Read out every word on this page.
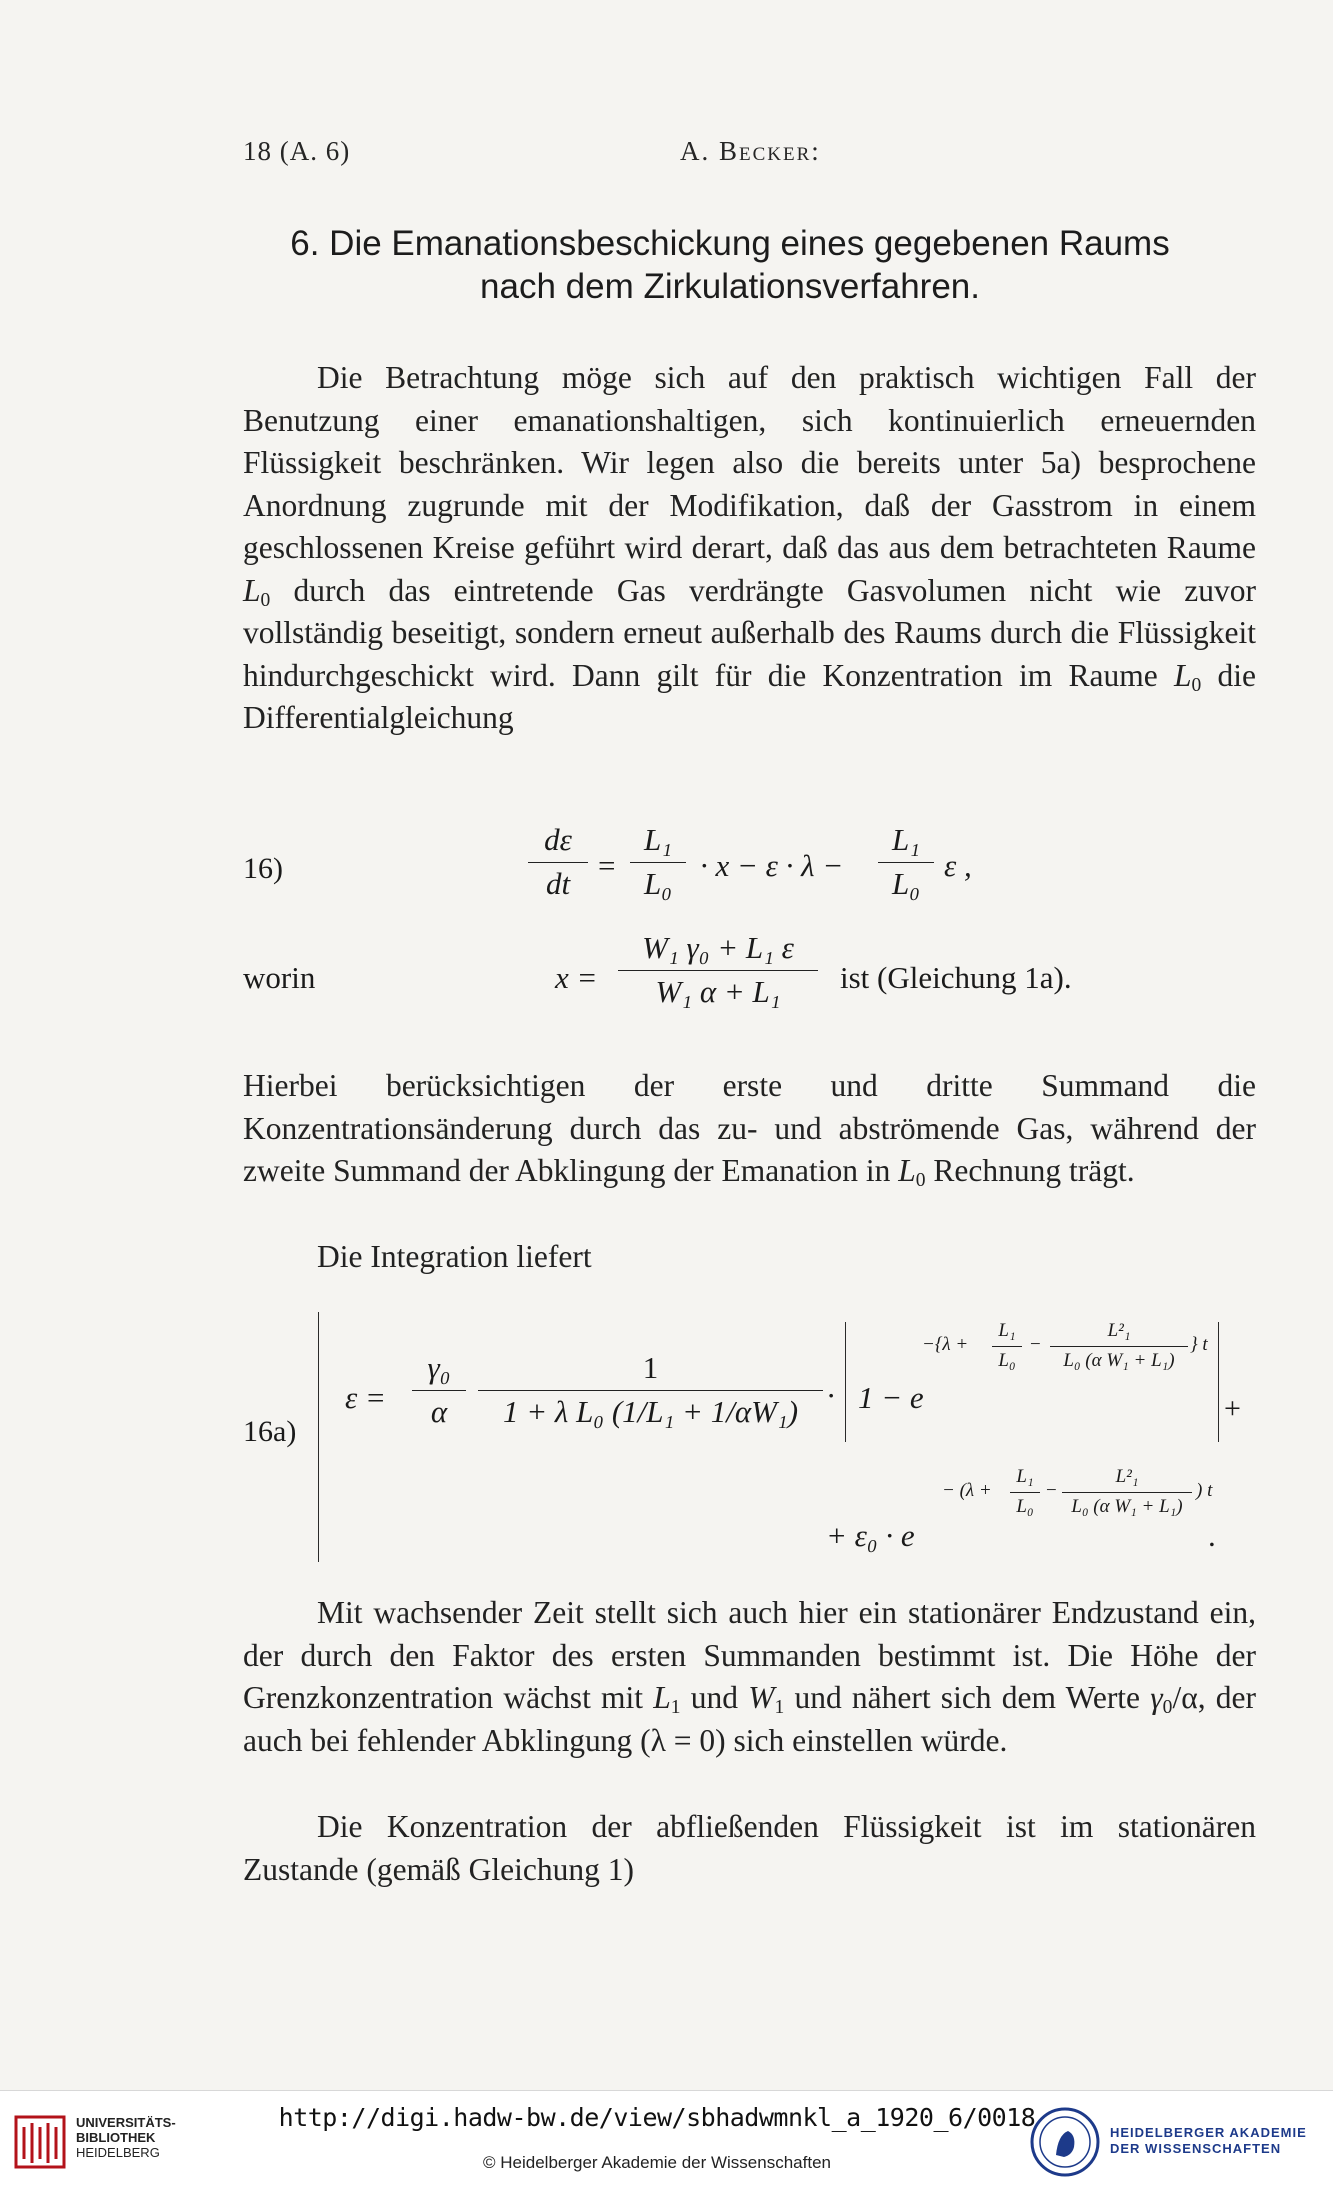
18 (A. 6)	A. Becker:
6. Die Emanationsbeschickung eines gegebenen Raums
nach dem Zirkulationsverfahren.
Die Betrachtung möge sich auf den praktisch wichtigen Fall der Benutzung einer emanationshaltigen, sich kontinuierlich erneuernden Flüssigkeit beschränken. Wir legen also die bereits unter 5a) besprochene Anordnung zugrunde mit der Modifikation, daß der Gasstrom in einem geschlossenen Kreise geführt wird derart, daß das aus dem betrachteten Raume $L_0$ durch das eintretende Gas verdrängte Gasvolumen nicht wie zuvor vollständig beseitigt, sondern erneut außerhalb des Raums durch die Flüssigkeit hindurchgeschickt wird. Dann gilt für die Konzentration im Raume $L_0$ die Differentialgleichung
16)	$\frac{d\varepsilon}{dt} = \frac{\text{L₁}}{\text{L₀}} \cdot x - \varepsilon \cdot \lambda - \frac{\text{L₁}}{\text{L₀}}$ ε ,
worin	$x = \frac{\text{W₁ γ₀ + L₁ ε}}{\text{W₁ α + L₁}}$ ist (Gleichung 1a).
Hierbei berücksichtigen der erste und dritte Summand die Konzentrationsänderung durch das zu- und abströmende Gas, während der zweite Summand der Abklingung der Emanation in $L_0$ Rechnung trägt.
Die Integration liefert
16a)
$\varepsilon = \frac{\text{γ₀}}{\alpha} \frac{1}{\text{1 + λ L₀ (1/L₁ + 1/αW₁)}} \cdot 1 - e$
$-\{\lambda + \frac{\text{L₁}}{\text{L₀}} - \frac{\text{L²₁}}{\text{L₀ (α W₁ + L₁)}}$ } t
+
− ($\lambda + \frac{\text{L₁}}{\text{L₀}} - \frac{\text{L²₁}}{\text{L₀ (α W₁ + L₁)}}$ ) t
+ ε₀ · e	.
Mit wachsender Zeit stellt sich auch hier ein stationärer Endzustand ein, der durch den Faktor des ersten Summanden bestimmt ist. Die Höhe der Grenzkonzentration wächst mit $L_1$ und $W_1$ und nähert sich dem Werte $\gamma_0/\alpha$, der auch bei fehlender Abklingung (λ = 0) sich einstellen würde.
Die Konzentration der abfließenden Flüssigkeit ist im stationären Zustande (gemäß Gleichung 1)
UNIVERSITÄTS-
BIBLIOTHEK
HEIDELBERG
http://digi.hadw-bw.de/view/sbhadwmnkl_a_1920_6/0018
© Heidelberger Akademie der Wissenschaften
HEIDELBERGER AKADEMIE
DER WISSENSCHAFTEN
